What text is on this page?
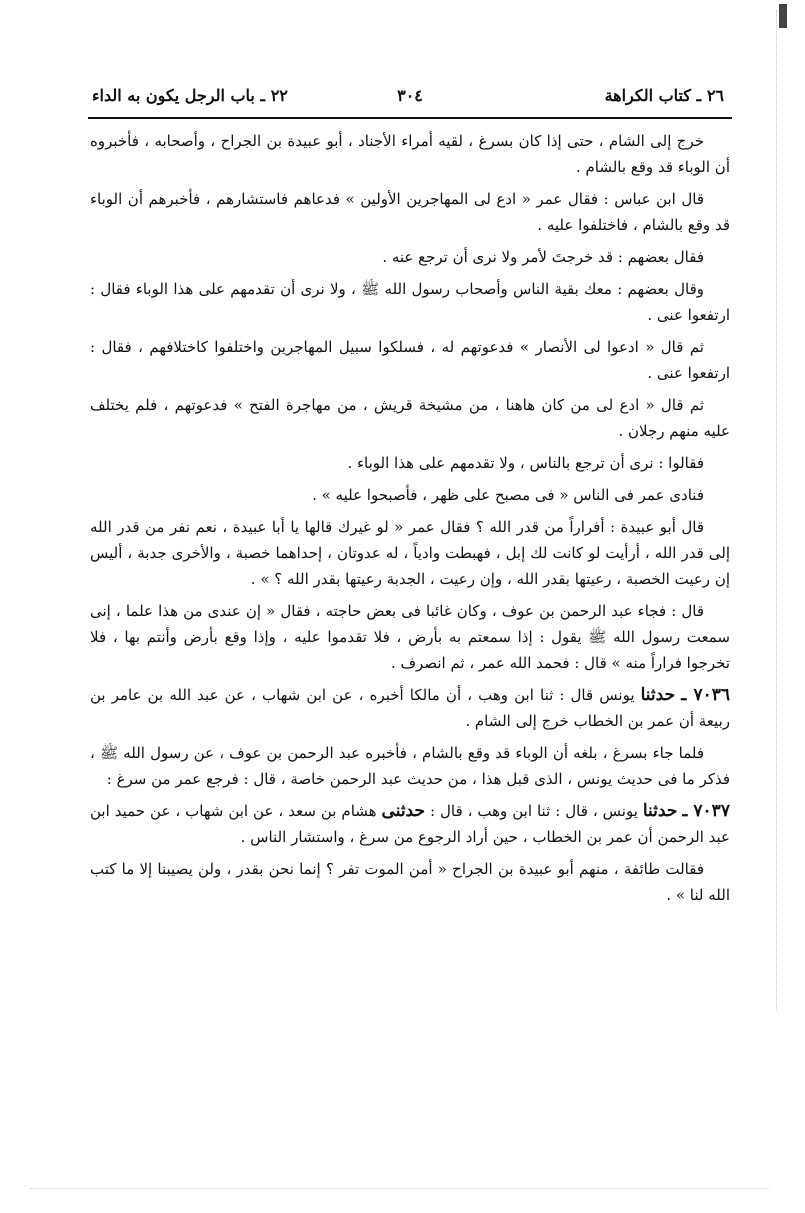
٢٦ ـ كتاب الكراهة
٣٠٤
٢٢ ـ باب الرجل يكون به الداء

خرج إلى الشام ، حتى إذا كان بسرغ ، لقيه أمراء الأجناد ، أبو عبيدة بن الجراح ، وأصحابه ، فأخبروه أن الوباء قد وقع بالشام .

قال ابن عباس : فقال عمر « ادع لى المهاجرين الأولين » فدعاهم فاستشارهم ، فأخبرهم أن الوباء قد وقع بالشام ، فاختلفوا عليه .

فقال بعضهم : قد خرجتَ لأمر ولا نرى أن ترجع عنه .

وقال بعضهم : معك بقية الناس وأصحاب رسول الله ﷺ ، ولا نرى أن تقدمهم على هذا الوباء فقال : ارتفعوا عنى .

ثم قال « ادعوا لى الأنصار » فدعوتهم له ، فسلكوا سبيل المهاجرين واختلفوا كاختلافهم ، فقال : ارتفعوا عنى .

ثم قال « ادع لى من كان هاهنا ، من مشيخة قريش ، من مهاجرة الفتح » فدعوتهم ، فلم يختلف عليه منهم رجلان .

فقالوا : نرى أن ترجع بالناس ، ولا تقدمهم على هذا الوباء .

فنادى عمر فى الناس « فى مصبح على ظهر ، فأصبحوا عليه » .

قال أبو عبيدة : أفراراً من قدر الله ؟ فقال عمر « لو غيرك قالها يا أبا عبيدة ، نعم نفر من قدر الله إلى قدر الله ، أرأيت لو كانت لك إبل ، فهبطت وادياً ، له عدوتان ، إحداهما خصبة ، والأخرى جدبة ، أليس إن رعيت الخصبة ، رعيتها بقدر الله ، وإن رعيت ، الجدبة رعيتها بقدر الله ؟ » .

قال : فجاء عبد الرحمن بن عوف ، وكان غائبا فى بعض حاجته ، فقال « إن عندى من هذا علما ، إنى سمعت رسول الله ﷺ يقول : إذا سمعتم به بأرض ، فلا تقدموا عليه ، وإذا وقع بأرض وأنتم بها ، فلا تخرجوا فراراً منه » قال : فحمد الله عمر ، ثم انصرف .

٧٠٣٦ ـ حدثنا يونس قال : ثنا ابن وهب ، أن مالكا أخبره ، عن ابن شهاب ، عن عبد الله بن عامر بن ربيعة أن عمر بن الخطاب خرج إلى الشام .

فلما جاء بسرغ ، بلغه أن الوباء قد وقع بالشام ، فأخبره عبد الرحمن بن عوف ، عن رسول الله ﷺ ، فذكر ما فى حديث يونس ، الذى قبل هذا ، من حديث عبد الرحمن خاصة ، قال : فرجع عمر من سرغ :

٧٠٣٧ ـ حدثنا يونس ، قال : ثنا ابن وهب ، قال : حدثنى هشام بن سعد ، عن ابن شهاب ، عن حميد ابن عبد الرحمن أن عمر بن الخطاب ، حين أراد الرجوع من سرغ ، واستشار الناس .

فقالت طائفة ، منهم أبو عبيدة بن الجراح « أمن الموت تفر ؟ إنما نحن بقدر ، ولن يصيبنا إلا ما كتب الله لنا » .
